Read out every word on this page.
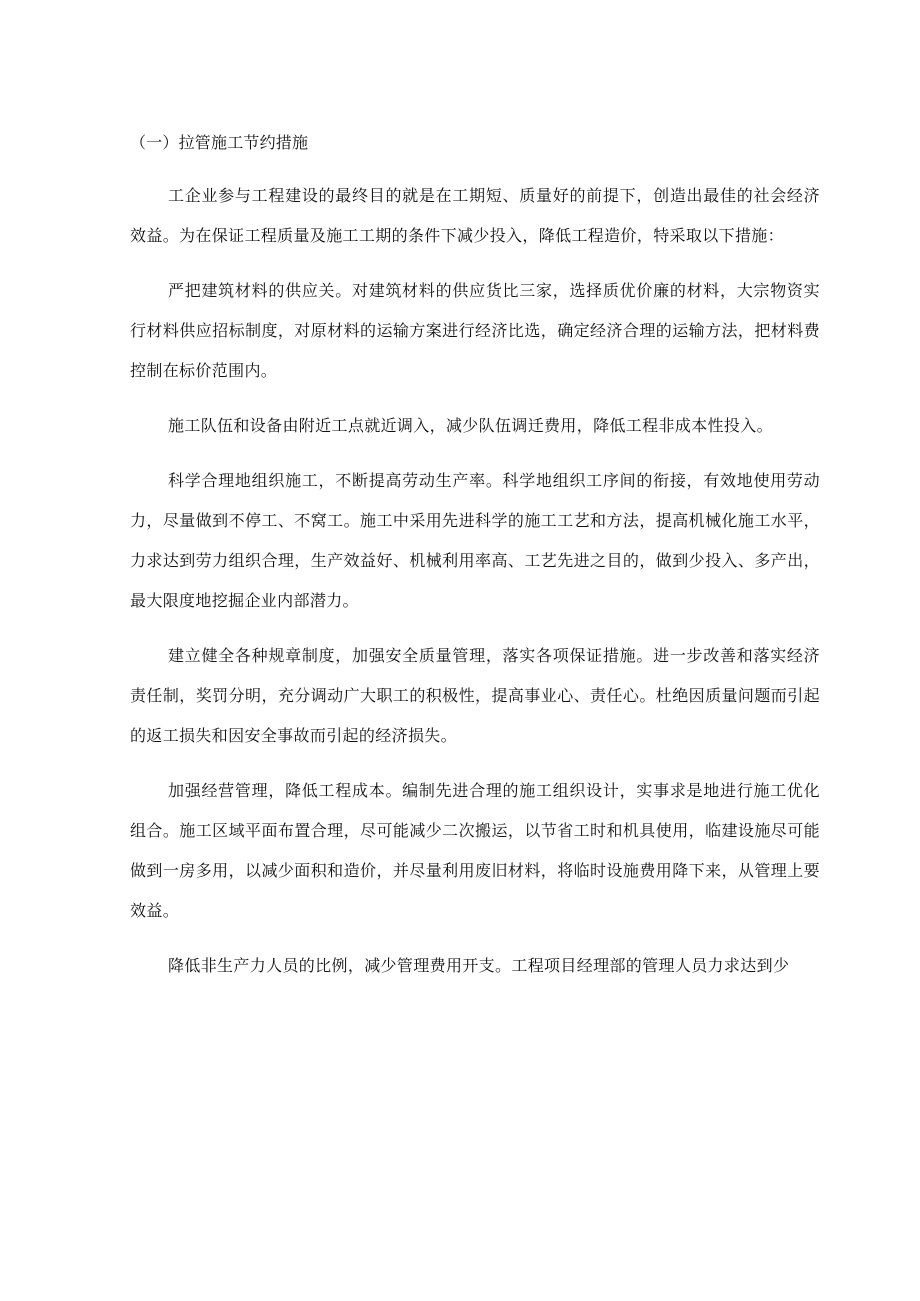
（一）拉管施工节约措施

工企业参与工程建设的最终目的就是在工期短、质量好的前提下，创造出最佳的社会经济效益。为在保证工程质量及施工工期的条件下减少投入，降低工程造价，特采取以下措施：

严把建筑材料的供应关。对建筑材料的供应货比三家，选择质优价廉的材料，大宗物资实行材料供应招标制度，对原材料的运输方案进行经济比选，确定经济合理的运输方法，把材料费控制在标价范围内。

施工队伍和设备由附近工点就近调入，减少队伍调迁费用，降低工程非成本性投入。

科学合理地组织施工，不断提高劳动生产率。科学地组织工序间的衔接，有效地使用劳动力，尽量做到不停工、不窝工。施工中采用先进科学的施工工艺和方法，提高机械化施工水平，力求达到劳力组织合理，生产效益好、机械利用率高、工艺先进之目的，做到少投入、多产出，最大限度地挖掘企业内部潜力。

建立健全各种规章制度，加强安全质量管理，落实各项保证措施。进一步改善和落实经济责任制，奖罚分明，充分调动广大职工的积极性，提高事业心、责任心。杜绝因质量问题而引起的返工损失和因安全事故而引起的经济损失。

加强经营管理，降低工程成本。编制先进合理的施工组织设计，实事求是地进行施工优化组合。施工区域平面布置合理，尽可能减少二次搬运，以节省工时和机具使用，临建设施尽可能做到一房多用，以减少面积和造价，并尽量利用废旧材料，将临时设施费用降下来，从管理上要效益。

降低非生产力人员的比例，减少管理费用开支。工程项目经理部的管理人员力求达到少
